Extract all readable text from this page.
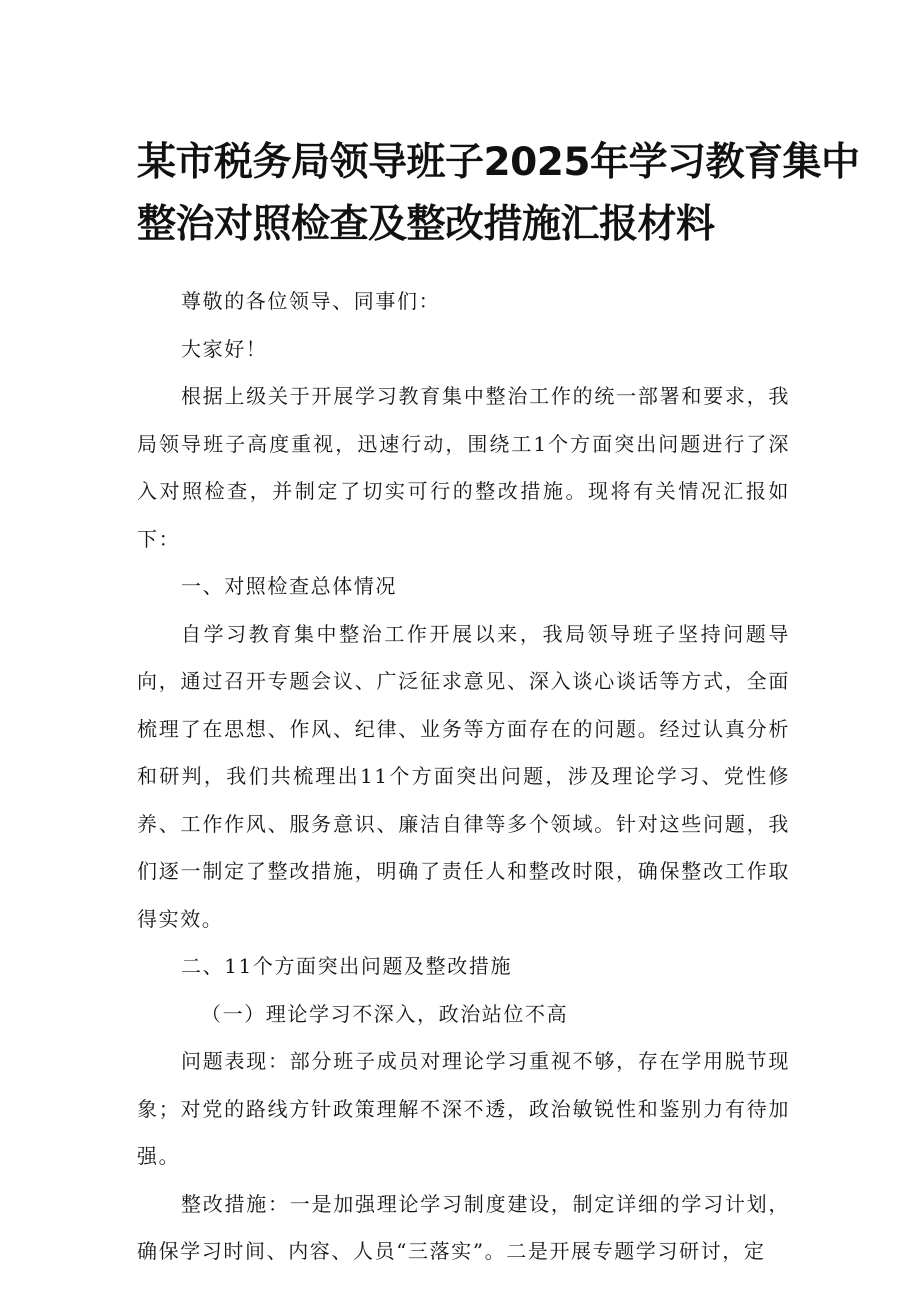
某市税务局领导班子2025年学习教育集中
整治对照检查及整改措施汇报材料

尊敬的各位领导、同事们：

大家好！

根据上级关于开展学习教育集中整治工作的统一部署和要求，我局领导班子高度重视，迅速行动，围绕工1个方面突出问题进行了深入对照检查，并制定了切实可行的整改措施。现将有关情况汇报如下：

一、对照检查总体情况

自学习教育集中整治工作开展以来，我局领导班子坚持问题导向，通过召开专题会议、广泛征求意见、深入谈心谈话等方式，全面梳理了在思想、作风、纪律、业务等方面存在的问题。经过认真分析和研判，我们共梳理出11个方面突出问题，涉及理论学习、党性修养、工作作风、服务意识、廉洁自律等多个领域。针对这些问题，我们逐一制定了整改措施，明确了责任人和整改时限，确保整改工作取得实效。

二、11个方面突出问题及整改措施

（一）理论学习不深入，政治站位不高

问题表现：部分班子成员对理论学习重视不够，存在学用脱节现象；对党的路线方针政策理解不深不透，政治敏锐性和鉴别力有待加强。

整改措施：一是加强理论学习制度建设，制定详细的学习计划，确保学习时间、内容、人员“三落实”。二是开展专题学习研讨，定
